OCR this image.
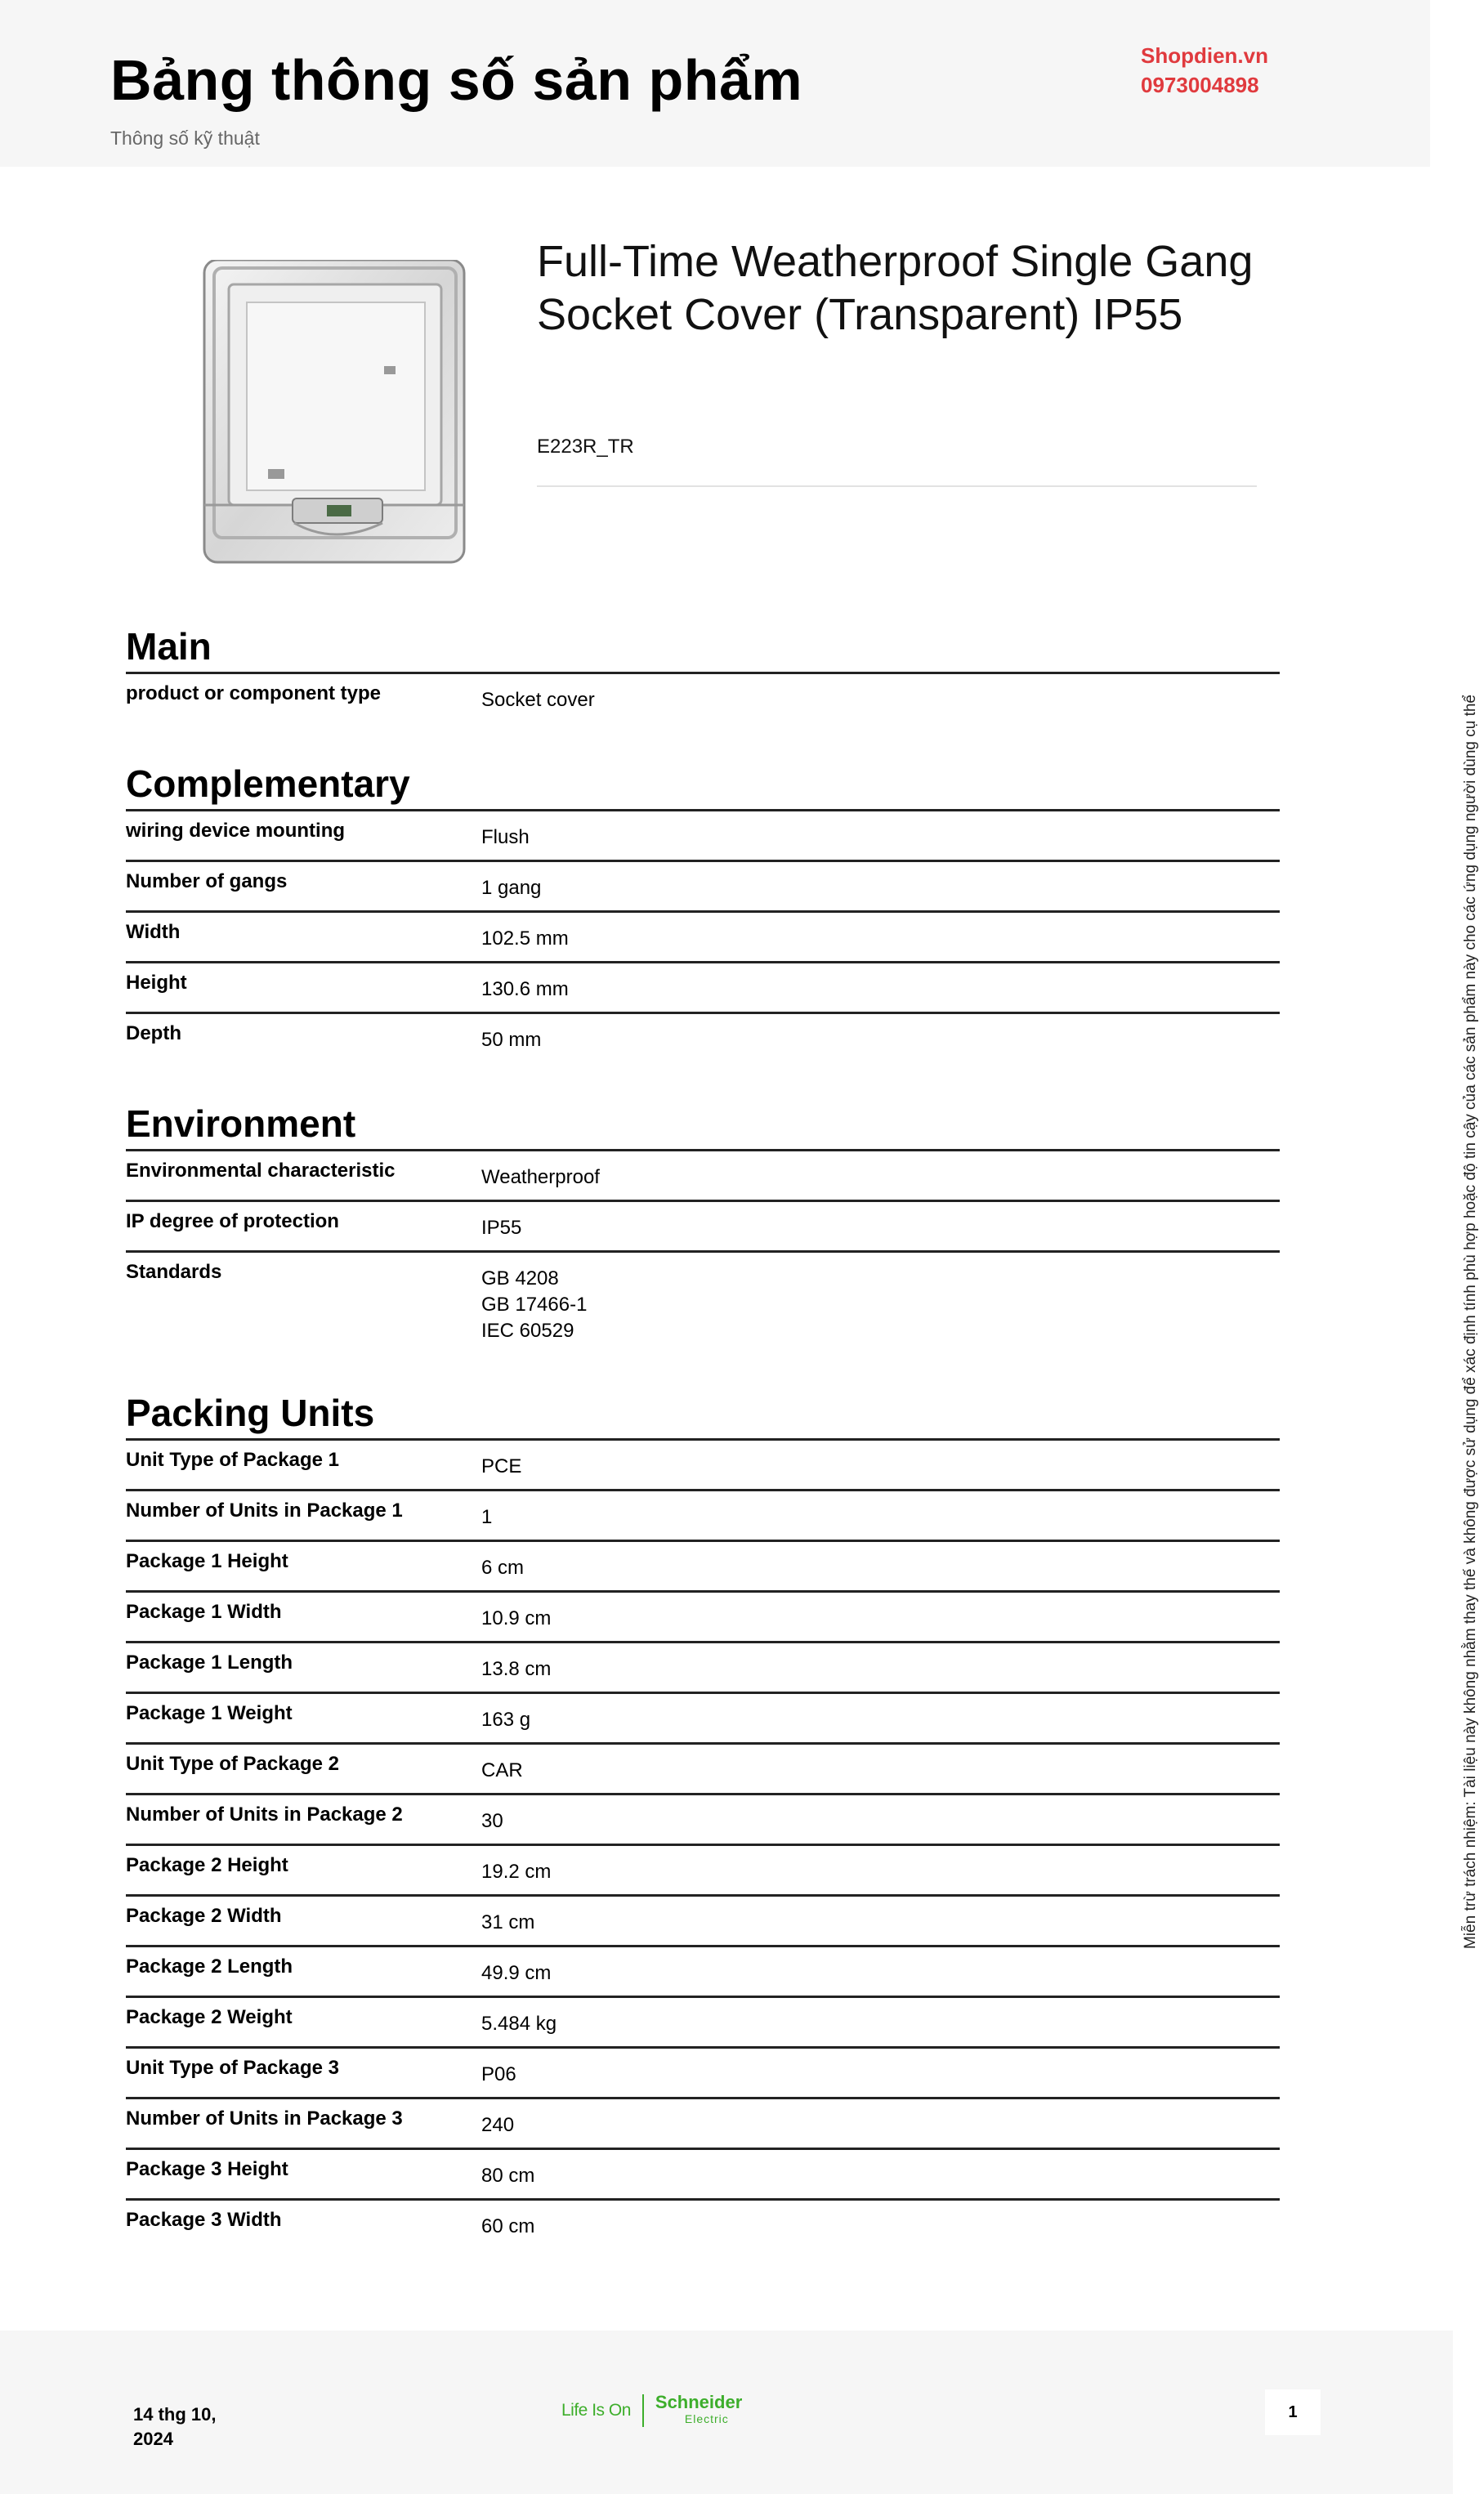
Bảng thông số sản phẩm
Thông số kỹ thuật
Shopdien.vn
0973004898
Full-Time Weatherproof Single Gang Socket Cover (Transparent) IP55
E223R_TR
Main
product or component type	Socket cover
Complementary
wiring device mounting	Flush
Number of gangs	1 gang
Width	102.5 mm
Height	130.6 mm
Depth	50 mm
Environment
Environmental characteristic	Weatherproof
IP degree of protection	IP55
Standards	GB 4208
GB 17466-1
IEC 60529
Packing Units
Unit Type of Package 1	PCE
Number of Units in Package 1	1
Package 1 Height	6 cm
Package 1 Width	10.9 cm
Package 1 Length	13.8 cm
Package 1 Weight	163 g
Unit Type of Package 2	CAR
Number of Units in Package 2	30
Package 2 Height	19.2 cm
Package 2 Width	31 cm
Package 2 Length	49.9 cm
Package 2 Weight	5.484 kg
Unit Type of Package 3	P06
Number of Units in Package 3	240
Package 3 Height	80 cm
Package 3 Width	60 cm
Miễn trừ trách nhiệm: Tài liệu này không nhằm thay thế và không được sử dụng để xác định tính phù hợp hoặc độ tin cậy của các sản phẩm này cho các ứng dụng người dùng cụ thể
14 thg 10,
2024
Life Is On Schneider
Electric	1
